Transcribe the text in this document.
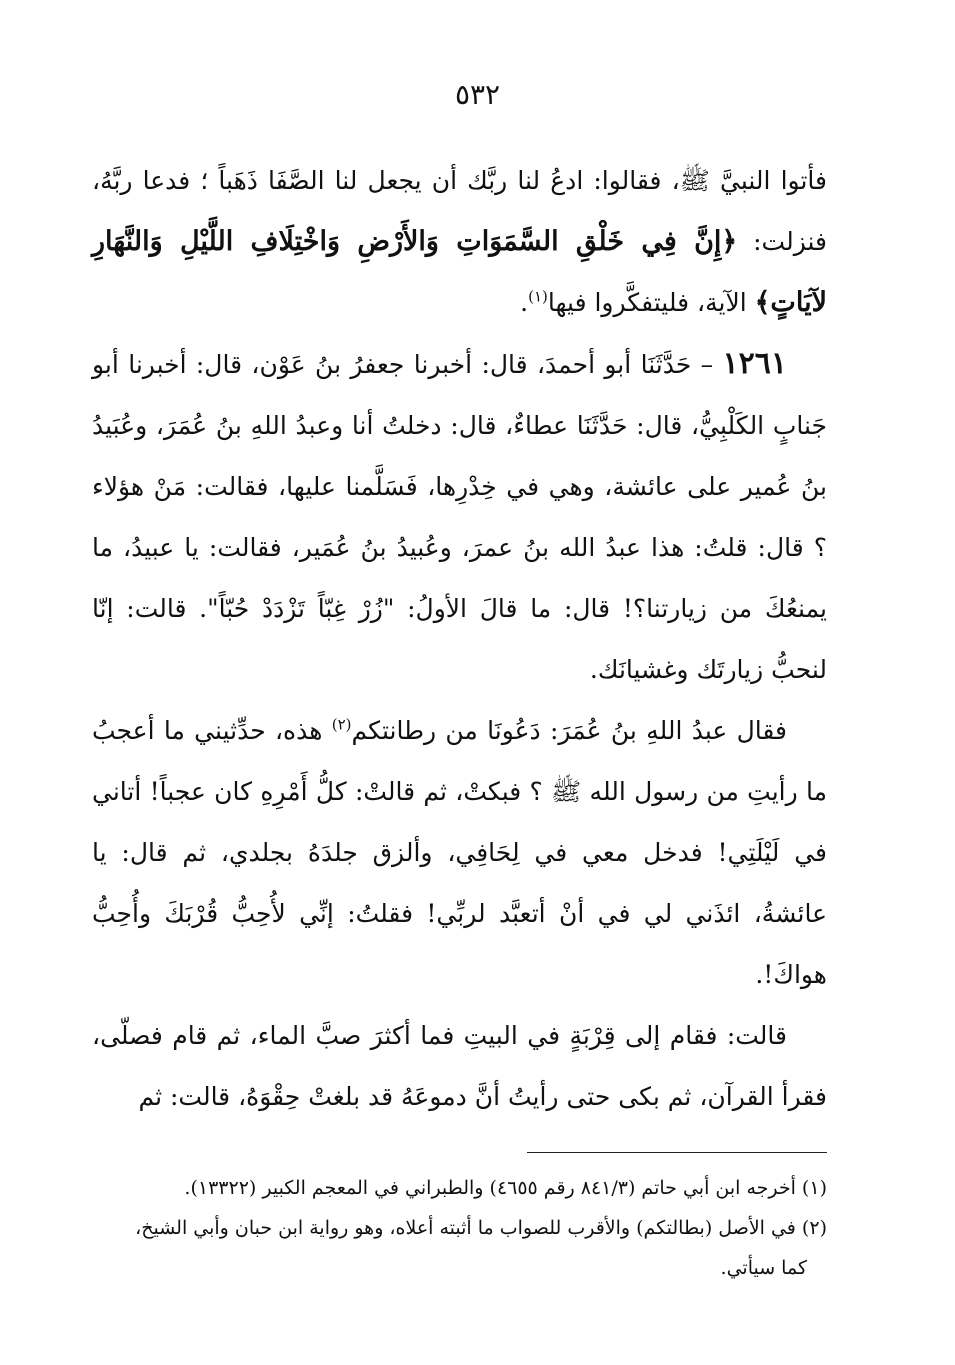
٥٣٢

فأتوا النبيَّ ﷺ، فقالوا: ادعُ لنا ربَّك أن يجعل لنا الصَّفَا ذَهَباً ؛ فدعا ربَّهُ، فنزلت: ﴿إِنَّ فِي خَلْقِ السَّمَوَاتِ وَالأَرْضِ وَاخْتِلَافِ اللَّيْلِ وَالنَّهَارِ لآيَاتٍ﴾ الآية، فليتفكَّروا فيها$^{(١)}$.

١٢٦١ – حَدَّثَنَا أبو أحمدَ، قال: أخبرنا جعفرُ بنُ عَوْن، قال: أخبرنا أبو جَنابٍ الكَلْبِيُّ، قال: حَدَّثَنَا عطاءٌ، قال: دخلتُ أنا وعبدُ اللهِ بنُ عُمَرَ، وعُبَيدُ بنُ عُمير على عائشة، وهي في خِدْرِها، فَسَلَّمنا عليها، فقالت: مَنْ هؤلاء ؟ قال: قلتُ: هذا عبدُ الله بنُ عمرَ، وعُبيدُ بنُ عُمَير، فقالت: يا عبيدُ، ما يمنعُكَ من زيارتنا؟! قال: ما قالَ الأولُ: "زُرْ غِبّاً تَزْدَدْ حُبّاً". قالت: إنّا لنحبُّ زيارتَك وغشيانَك.

فقال عبدُ اللهِ بنُ عُمَرَ: دَعُونَا من رطانتكم$^{(٢)}$ هذه، حدِّثيني ما أعجبُ ما رأيتِ من رسول الله ﷺ ؟ فبكتْ، ثم قالتْ: كلُّ أَمْرِهِ كان عجباً! أتاني في لَيْلَتِي! فدخل معي في لِحَافِي، وألزق جلدَهُ بجلدي، ثم قال: يا عائشةُ، ائذَني لي في أنْ أتعبَّد لربِّي! فقلتُ: إنِّي لأُحِبُّ قُرْبَكَ وأُحِبُّ هواكَ!.

قالت: فقام إلى قِرْبَةٍ في البيتِ فما أكثرَ صبَّ الماء، ثم قام فصلّى، فقرأ القرآن، ثم بكى حتى رأيتُ أنَّ دموعَهُ قد بلغتْ حِقْوَهُ، قالت: ثم

(١) أخرجه ابن أبي حاتم (٨٤١/٣ رقم ٤٦٥٥) والطبراني في المعجم الكبير (١٣٣٢٢).

(٢) في الأصل (بطالتكم) والأقرب للصواب ما أثبته أعلاه، وهو رواية ابن حبان وأبي الشيخ،

كما سيأتي.
